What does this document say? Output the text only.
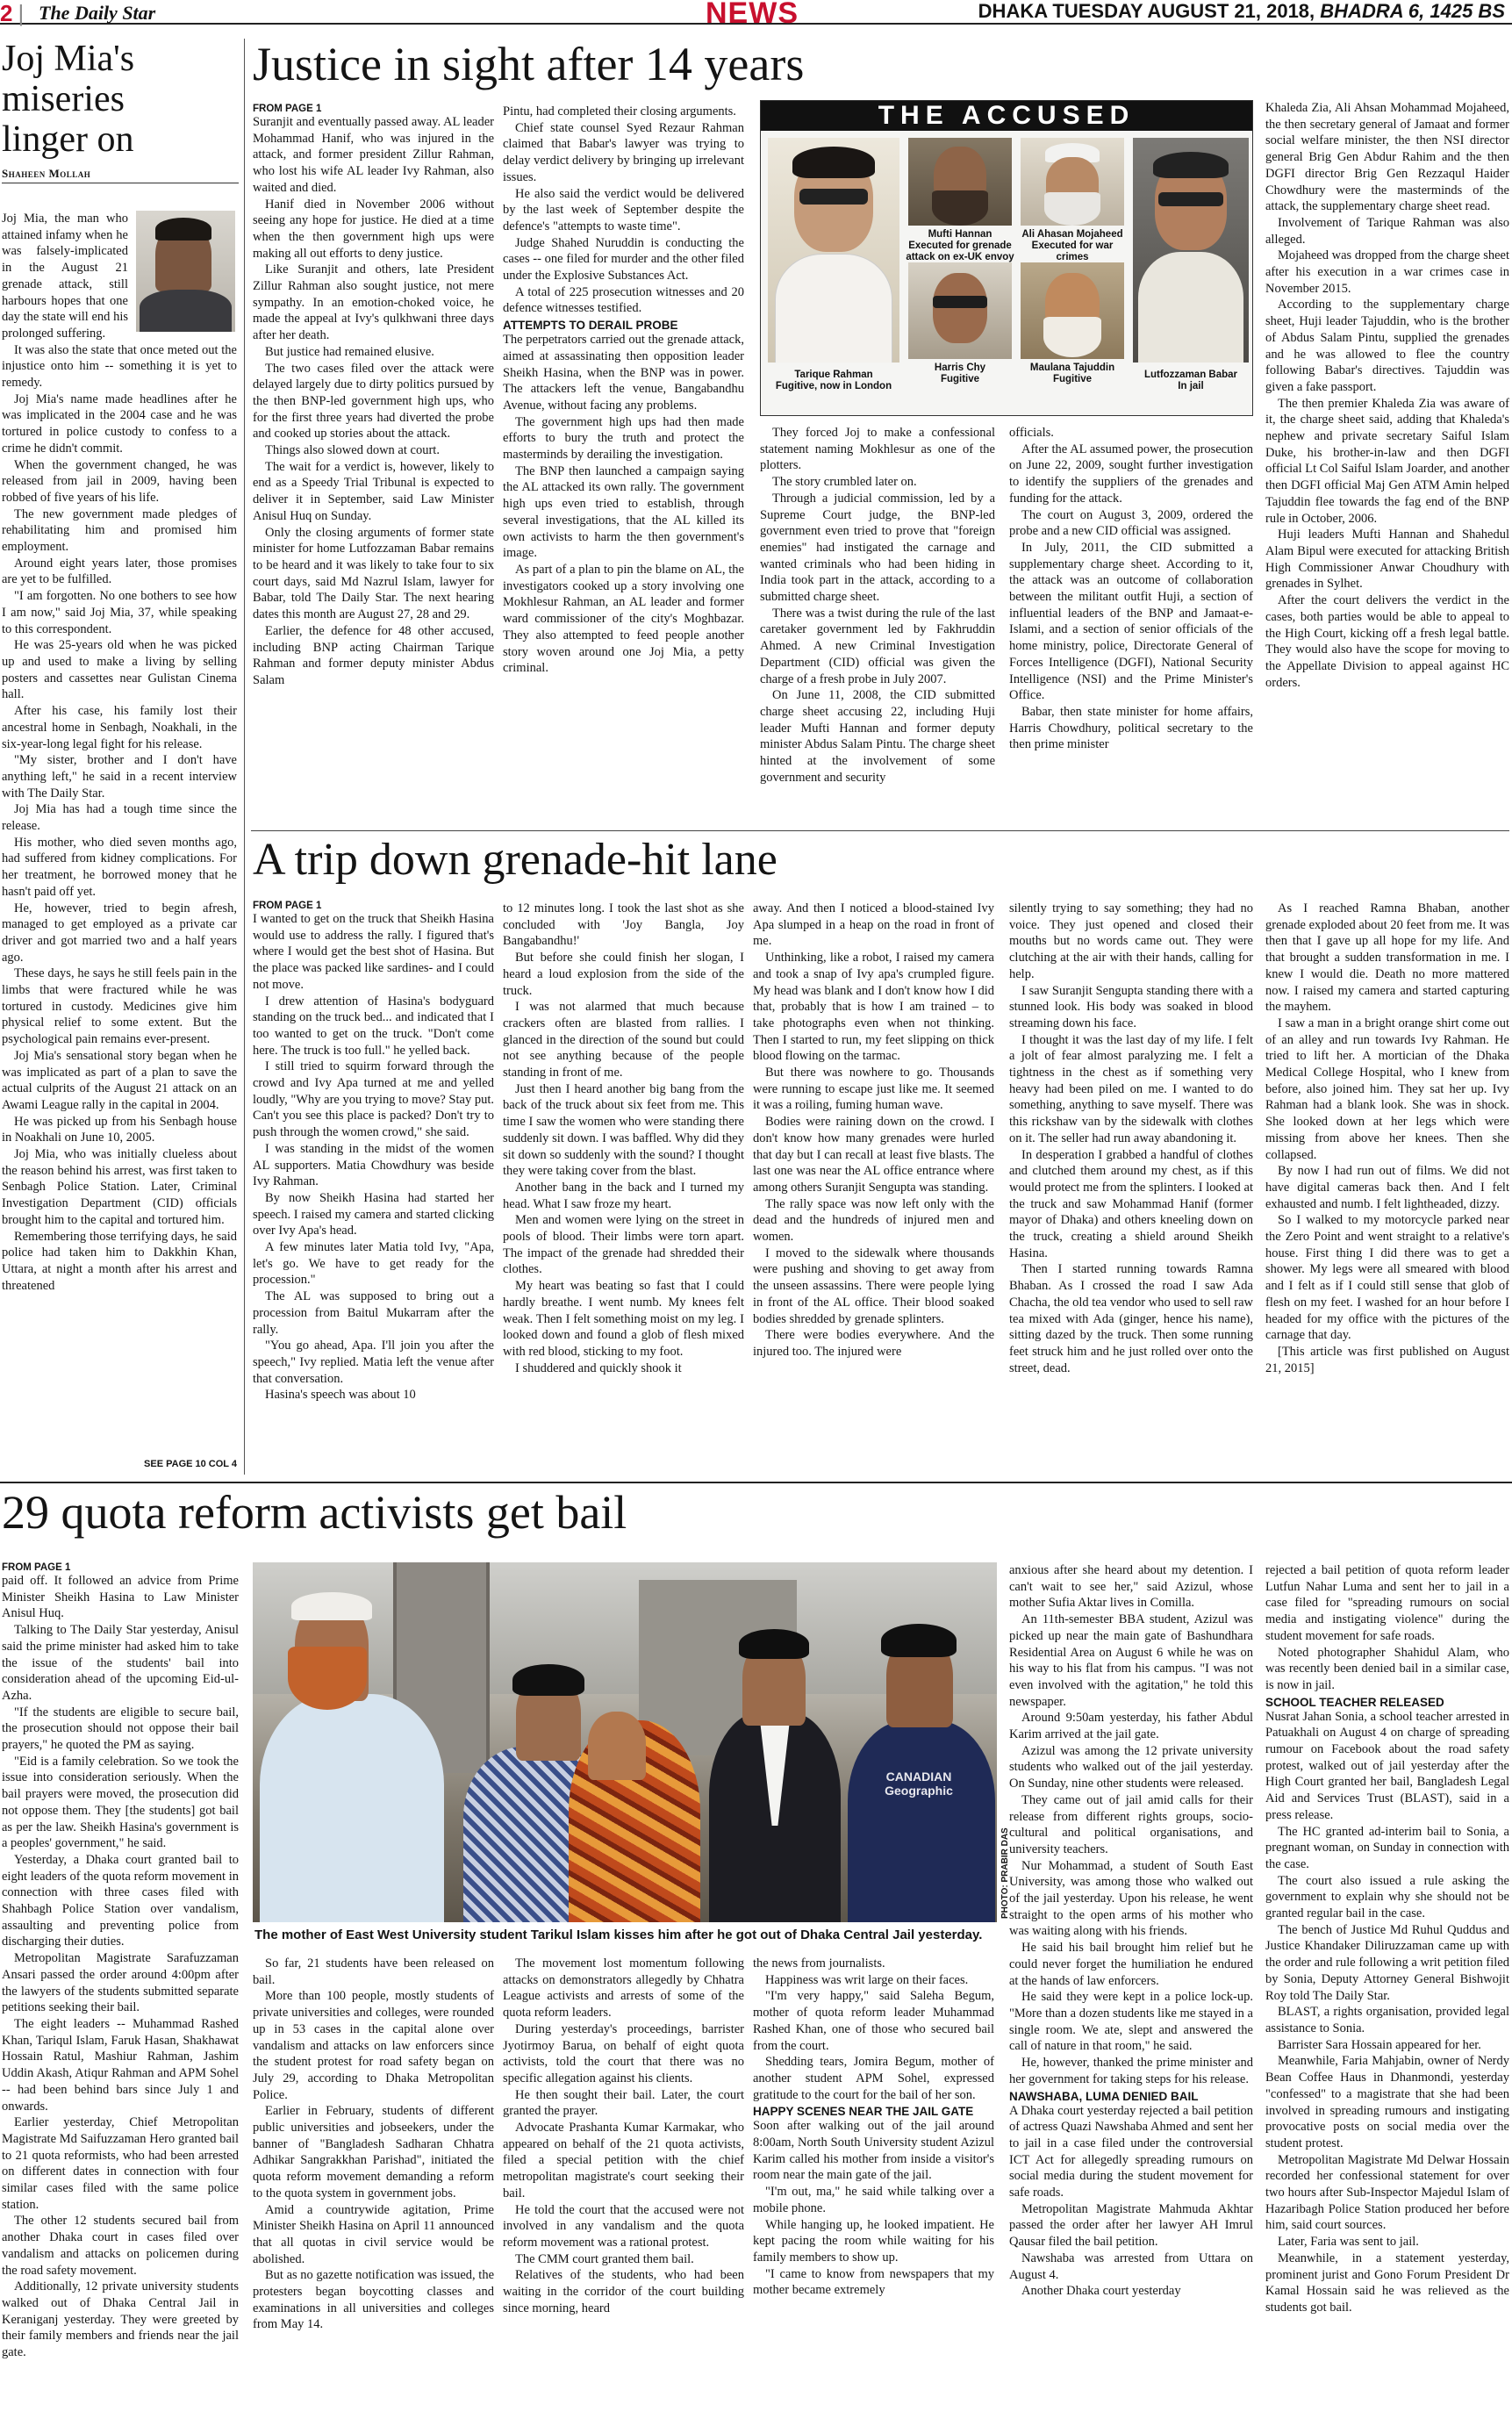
2 |	The Daily Star	NEWS	DHAKA TUESDAY AUGUST 21, 2018, BHADRA 6, 1425 BS
Joj Mia's
miseries
linger on
Shaheen Mollah

Joj Mia, the man who attained infamy when he was falsely-implicated in the August 21 grenade attack, still harbours hopes that one day the state will end his prolonged suffering.

It was also the state that once meted out the injustice onto him -- something it is yet to remedy.

Joj Mia's name made headlines after he was implicated in the 2004 case and he was tortured in police custody to confess to a crime he didn't commit.

When the government changed, he was released from jail in 2009, having been robbed of five years of his life.

The new government made pledges of rehabilitating him and promised him employment.

Around eight years later, those promises are yet to be fulfilled.

"I am forgotten. No one bothers to see how I am now," said Joj Mia, 37, while speaking to this correspondent.

He was 25-years old when he was picked up and used to make a living by selling posters and cassettes near Gulistan Cinema hall.

After his case, his family lost their ancestral home in Senbagh, Noakhali, in the six-year-long legal fight for his release.

"My sister, brother and I don't have anything left," he said in a recent interview with The Daily Star.

Joj Mia has had a tough time since the release.

His mother, who died seven months ago, had suffered from kidney complications. For her treatment, he borrowed money that he hasn't paid off yet.

He, however, tried to begin afresh, managed to get employed as a private car driver and got married two and a half years ago.

These days, he says he still feels pain in the limbs that were fractured while he was tortured in custody. Medicines give him physical relief to some extent. But the psychological pain remains ever-present.

Joj Mia's sensational story began when he was implicated as part of a plan to save the actual culprits of the August 21 attack on an Awami League rally in the capital in 2004.

He was picked up from his Senbagh house in Noakhali on June 10, 2005.

Joj Mia, who was initially clueless about the reason behind his arrest, was first taken to Senbagh Police Station. Later, Criminal Investigation Department (CID) officials brought him to the capital and tortured him.

Remembering those terrifying days, he said police had taken him to Dakkhin Khan, Uttara, at night a month after his arrest and threatened

SEE PAGE 10 COL 4
Justice in sight after 14 years
FROM PAGE 1

Suranjit and eventually passed away. AL leader Mohammad Hanif, who was injured in the attack, and former president Zillur Rahman, who lost his wife AL leader Ivy Rahman, also waited and died.

Hanif died in November 2006 without seeing any hope for justice. He died at a time when the then government high ups were making all out efforts to deny justice.

Like Suranjit and others, late President Zillur Rahman also sought justice, not mere sympathy. In an emotion-choked voice, he made the appeal at Ivy's qulkhwani three days after her death.

But justice had remained elusive.

The two cases filed over the attack were delayed largely due to dirty politics pursued by the then BNP-led government high ups, who for the first three years had diverted the probe and cooked up stories about the attack.

Things also slowed down at court.

The wait for a verdict is, however, likely to end as a Speedy Trial Tribunal is expected to deliver it in September, said Law Minister Anisul Huq on Sunday.

Only the closing arguments of former state minister for home Lutfozzaman Babar remains to be heard and it was likely to take four to six court days, said Md Nazrul Islam, lawyer for Babar, told The Daily Star. The next hearing dates this month are August 27, 28 and 29.

Earlier, the defence for 48 other accused, including BNP acting Chairman Tarique Rahman and former deputy minister Abdus Salam

Pintu, had completed their closing arguments.

Chief state counsel Syed Rezaur Rahman claimed that Babar's lawyer was trying to delay verdict delivery by bringing up irrelevant issues.

He also said the verdict would be delivered by the last week of September despite the defence's "attempts to waste time".

Judge Shahed Nuruddin is conducting the cases -- one filed for murder and the other filed under the Explosive Substances Act.

A total of 225 prosecution witnesses and 20 defence witnesses testified.

ATTEMPTS TO DERAIL PROBE

The perpetrators carried out the grenade attack, aimed at assassinating then opposition leader Sheikh Hasina, when the BNP was in power. The attackers left the venue, Bangabandhu Avenue, without facing any problems.

The government high ups had then made efforts to bury the truth and protect the masterminds by derailing the investigation.

The BNP then launched a campaign saying the AL attacked its own rally. The government high ups even tried to establish, through several investigations, that the AL killed its own activists to harm the then government's image.

As part of a plan to pin the blame on AL, the investigators cooked up a story involving one Mokhlesur Rahman, an AL leader and former ward commissioner of the city's Moghbazar. They also attempted to feed people another story woven around one Joj Mia, a petty criminal.

THE ACCUSED
Tarique Rahman
Fugitive, now in London
Mufti Hannan
Executed for grenade attack on ex-UK envoy
Ali Ahasan Mojaheed
Executed for war crimes
Harris Chy
Fugitive
Maulana Tajuddin
Fugitive	Lutfozzaman Babar
In jail

They forced Joj to make a confessional statement naming Mokhlesur as one of the plotters.

The story crumbled later on.

Through a judicial commission, led by a Supreme Court judge, the BNP-led government even tried to prove that "foreign enemies" had instigated the carnage and wanted criminals who had been hiding in India took part in the attack, according to a submitted charge sheet.

There was a twist during the rule of the last caretaker government led by Fakhruddin Ahmed. A new Criminal Investigation Department (CID) official was given the charge of a fresh probe in July 2007.

On June 11, 2008, the CID submitted charge sheet accusing 22, including Huji leader Mufti Hannan and former deputy minister Abdus Salam Pintu. The charge sheet hinted at the involvement of some government and security

officials.

After the AL assumed power, the prosecution on June 22, 2009, sought further investigation to identify the suppliers of the grenades and funding for the attack.

The court on August 3, 2009, ordered the probe and a new CID official was assigned.

In July, 2011, the CID submitted a supplementary charge sheet. According to it, the attack was an outcome of collaboration between the militant outfit Huji, a section of influential leaders of the BNP and Jamaat-e-Islami, and a section of senior officials of the home ministry, police, Directorate General of Forces Intelligence (DGFI), National Security Intelligence (NSI) and the Prime Minister's Office.

Babar, then state minister for home affairs, Harris Chowdhury, political secretary to the then prime minister

Khaleda Zia, Ali Ahsan Mohammad Mojaheed, the then secretary general of Jamaat and former social welfare minister, the then NSI director general Brig Gen Abdur Rahim and the then DGFI director Brig Gen Rezzaqul Haider Chowdhury were the masterminds of the attack, the supplementary charge sheet read.

Involvement of Tarique Rahman was also alleged.

Mojaheed was dropped from the charge sheet after his execution in a war crimes case in November 2015.

According to the supplementary charge sheet, Huji leader Tajuddin, who is the brother of Abdus Salam Pintu, supplied the grenades and he was allowed to flee the country following Babar's directives. Tajuddin was given a fake passport.

The then premier Khaleda Zia was aware of it, the charge sheet said, adding that Khaleda's nephew and private secretary Saiful Islam Duke, his brother-in-law and then DGFI official Lt Col Saiful Islam Joarder, and another then DGFI official Maj Gen ATM Amin helped Tajuddin flee towards the fag end of the BNP rule in October, 2006.

Huji leaders Mufti Hannan and Shahedul Alam Bipul were executed for attacking British High Commissioner Anwar Choudhury with grenades in Sylhet.

After the court delivers the verdict in the cases, both parties would be able to appeal to the High Court, kicking off a fresh legal battle. They would also have the scope for moving to the Appellate Division to appeal against HC orders.

A trip down grenade-hit lane
FROM PAGE 1

I wanted to get on the truck that Sheikh Hasina would use to address the rally. I figured that's where I would get the best shot of Hasina. But the place was packed like sardines- and I could not move.

I drew attention of Hasina's bodyguard standing on the truck bed... and indicated that I too wanted to get on the truck. "Don't come here. The truck is too full." he yelled back.

I still tried to squirm forward through the crowd and Ivy Apa turned at me and yelled loudly, "Why are you trying to move? Stay put. Can't you see this place is packed? Don't try to push through the women crowd," she said.

I was standing in the midst of the women AL supporters. Matia Chowdhury was beside Ivy Rahman.

By now Sheikh Hasina had started her speech. I raised my camera and started clicking over Ivy Apa's head.

A few minutes later Matia told Ivy, "Apa, let's go. We have to get ready for the procession."

The AL was supposed to bring out a procession from Baitul Mukarram after the rally.

"You go ahead, Apa. I'll join you after the speech," Ivy replied. Matia left the venue after that conversation.

Hasina's speech was about 10

to 12 minutes long. I took the last shot as she concluded with 'Joy Bangla, Joy Bangabandhu!'

But before she could finish her slogan, I heard a loud explosion from the side of the truck.

I was not alarmed that much because crackers often are blasted from rallies. I glanced in the direction of the sound but could not see anything because of the people standing in front of me.

Just then I heard another big bang from the back of the truck about six feet from me. This time I saw the women who were standing there suddenly sit down. I was baffled. Why did they sit down so suddenly with the sound? I thought they were taking cover from the blast.

Another bang in the back and I turned my head. What I saw froze my heart.

Men and women were lying on the street in pools of blood. Their limbs were torn apart. The impact of the grenade had shredded their clothes.

My heart was beating so fast that I could hardly breathe. I went numb. My knees felt weak. Then I felt something moist on my leg. I looked down and found a glob of flesh mixed with red blood, sticking to my foot.

I shuddered and quickly shook it

away. And then I noticed a blood-stained Ivy Apa slumped in a heap on the road in front of me.

Unthinking, like a robot, I raised my camera and took a snap of Ivy apa's crumpled figure. My head was blank and I don't know how I did that, probably that is how I am trained – to take photographs even when not thinking. Then I started to run, my feet slipping on thick blood flowing on the tarmac.

But there was nowhere to go. Thousands were running to escape just like me. It seemed it was a roiling, fuming human wave.

Bodies were raining down on the crowd. I don't know how many grenades were hurled that day but I can recall at least five blasts. The last one was near the AL office entrance where among others Suranjit Sengupta was standing.

The rally space was now left only with the dead and the hundreds of injured men and women.

I moved to the sidewalk where thousands were pushing and shoving to get away from the unseen assassins. There were people lying in front of the AL office. Their blood soaked bodies shredded by grenade splinters.

There were bodies everywhere. And the injured too. The injured were

silently trying to say something; they had no voice. They just opened and closed their mouths but no words came out. They were clutching at the air with their hands, calling for help.

I saw Suranjit Sengupta standing there with a stunned look. His body was soaked in blood streaming down his face.

I thought it was the last day of my life. I felt a jolt of fear almost paralyzing me. I felt a tightness in the chest as if something very heavy had been piled on me. I wanted to do something, anything to save myself. There was this rickshaw van by the sidewalk with clothes on it. The seller had run away abandoning it.

In desperation I grabbed a handful of clothes and clutched them around my chest, as if this would protect me from the splinters. I looked at the truck and saw Mohammad Hanif (former mayor of Dhaka) and others kneeling down on the truck, creating a shield around Sheikh Hasina.

Then I started running towards Ramna Bhaban. As I crossed the road I saw Ada Chacha, the old tea vendor who used to sell raw tea mixed with Ada (ginger, hence his name), sitting dazed by the truck. Then some running feet struck him and he just rolled over onto the street, dead.

As I reached Ramna Bhaban, another grenade exploded about 20 feet from me. It was then that I gave up all hope for my life. And that brought a sudden transformation in me. I knew I would die. Death no more mattered now. I raised my camera and started capturing the mayhem.

I saw a man in a bright orange shirt come out of an alley and run towards Ivy Rahman. He tried to lift her. A mortician of the Dhaka Medical College Hospital, who I knew from before, also joined him. They sat her up. Ivy Rahman had a blank look. She was in shock. She looked down at her legs which were missing from above her knees. Then she collapsed.

By now I had run out of films. We did not have digital cameras back then. And I felt exhausted and numb. I felt lightheaded, dizzy.

So I walked to my motorcycle parked near the Zero Point and went straight to a relative's house. First thing I did there was to get a shower. My legs were all smeared with blood and I felt as if I could still sense that glob of flesh on my feet. I washed for an hour before I headed for my office with the pictures of the carnage that day.

[This article was first published on August 21, 2015]

29 quota reform activists get bail
FROM PAGE 1

paid off. It followed an advice from Prime Minister Sheikh Hasina to Law Minister Anisul Huq.

Talking to The Daily Star yesterday, Anisul said the prime minister had asked him to take the issue of the students' bail into consideration ahead of the upcoming Eid-ul-Azha.

"If the students are eligible to secure bail, the prosecution should not oppose their bail prayers," he quoted the PM as saying.

"Eid is a family celebration. So we took the issue into consideration seriously. When the bail prayers were moved, the prosecution did not oppose them. They [the students] got bail as per the law. Sheikh Hasina's government is a peoples' government," he said.

Yesterday, a Dhaka court granted bail to eight leaders of the quota reform movement in connection with three cases filed with Shahbagh Police Station over vandalism, assaulting and preventing police from discharging their duties.

Metropolitan Magistrate Sarafuzzaman Ansari passed the order around 4:00pm after the lawyers of the students submitted separate petitions seeking their bail.

The eight leaders -- Muhammad Rashed Khan, Tariqul Islam, Faruk Hasan, Shakhawat Hossain Ratul, Mashiur Rahman, Jashim Uddin Akash, Atiqur Rahman and APM Sohel -- had been behind bars since July 1 and onwards.

Earlier yesterday, Chief Metropolitan Magistrate Md Saifuzzaman Hero granted bail to 21 quota reformists, who had been arrested on different dates in connection with four similar cases filed with the same police station.

The other 12 students secured bail from another Dhaka court in cases filed over vandalism and attacks on policemen during the road safety movement.

Additionally, 12 private university students walked out of Dhaka Central Jail in Keraniganj yesterday. They were greeted by their family members and friends near the jail gate.

CANADIAN Geographic
PHOTO: PRABIR DAS
The mother of East West University student Tarikul Islam kisses him after he got out of Dhaka Central Jail yesterday.

So far, 21 students have been released on bail.

More than 100 people, mostly students of private universities and colleges, were rounded up in 53 cases in the capital alone over vandalism and attacks on law enforcers since the student protest for road safety began on July 29, according to Dhaka Metropolitan Police.

Earlier in February, students of different public universities and jobseekers, under the banner of "Bangladesh Sadharan Chhatra Adhikar Sangrakkhan Parishad", initiated the quota reform movement demanding a reform to the quota system in government jobs.

Amid a countrywide agitation, Prime Minister Sheikh Hasina on April 11 announced that all quotas in civil service would be abolished.

But as no gazette notification was issued, the protesters began boycotting classes and examinations in all universities and colleges from May 14.

The movement lost momentum following attacks on demonstrators allegedly by Chhatra League activists and arrests of some of the quota reform leaders.

During yesterday's proceedings, barrister Jyotirmoy Barua, on behalf of eight quota activists, told the court that there was no specific allegation against his clients.

He then sought their bail. Later, the court granted the prayer.

Advocate Prashanta Kumar Karmakar, who appeared on behalf of the 21 quota activists, filed a special petition with the chief metropolitan magistrate's court seeking their bail.

He told the court that the accused were not involved in any vandalism and the quota reform movement was a rational protest.

The CMM court granted them bail.

Relatives of the students, who had been waiting in the corridor of the court building since morning, heard

the news from journalists.

Happiness was writ large on their faces.

"I'm very happy," said Saleha Begum, mother of quota reform leader Muhammad Rashed Khan, one of those who secured bail from the court.

Shedding tears, Jomira Begum, mother of another student APM Sohel, expressed gratitude to the court for the bail of her son.

HAPPY SCENES NEAR THE JAIL GATE

Soon after walking out of the jail around 8:00am, North South University student Azizul Karim called his mother from inside a visitor's room near the main gate of the jail.

"I'm out, ma," he said while talking over a mobile phone.

While hanging up, he looked impatient. He kept pacing the room while waiting for his family members to show up.

"I came to know from newspapers that my mother became extremely

anxious after she heard about my detention. I can't wait to see her," said Azizul, whose mother Sufia Aktar lives in Comilla.

An 11th-semester BBA student, Azizul was picked up near the main gate of Bashundhara Residential Area on August 6 while he was on his way to his flat from his campus. "I was not even involved with the agitation," he told this newspaper.

Around 9:50am yesterday, his father Abdul Karim arrived at the jail gate.

Azizul was among the 12 private university students who walked out of the jail yesterday. On Sunday, nine other students were released.

They came out of jail amid calls for their release from different rights groups, socio-cultural and political organisations, and university teachers.

Nur Mohammad, a student of South East University, was among those who walked out of the jail yesterday. Upon his release, he went straight to the open arms of his mother who was waiting along with his friends.

He said his bail brought him relief but he could never forget the humiliation he endured at the hands of law enforcers.

He said they were kept in a police lock-up. "More than a dozen students like me stayed in a single room. We ate, slept and answered the call of nature in that room," he said.

He, however, thanked the prime minister and her government for taking steps for his release.

NAWSHABA, LUMA DENIED BAIL

A Dhaka court yesterday rejected a bail petition of actress Quazi Nawshaba Ahmed and sent her to jail in a case filed under the controversial ICT Act for allegedly spreading rumours on social media during the student movement for safe roads.

Metropolitan Magistrate Mahmuda Akhtar passed the order after her lawyer AH Imrul Qausar filed the bail petition.

Nawshaba was arrested from Uttara on August 4.

Another Dhaka court yesterday

rejected a bail petition of quota reform leader Lutfun Nahar Luma and sent her to jail in a case filed for "spreading rumours on social media and instigating violence" during the student movement for safe roads.

Noted photographer Shahidul Alam, who was recently been denied bail in a similar case, is now in jail.

SCHOOL TEACHER RELEASED

Nusrat Jahan Sonia, a school teacher arrested in Patuakhali on August 4 on charge of spreading rumour on Facebook about the road safety protest, walked out of jail yesterday after the High Court granted her bail, Bangladesh Legal Aid and Services Trust (BLAST), said in a press release.

The HC granted ad-interim bail to Sonia, a pregnant woman, on Sunday in connection with the case.

The court also issued a rule asking the government to explain why she should not be granted regular bail in the case.

The bench of Justice Md Ruhul Quddus and Justice Khandaker Diliruzzaman came up with the order and rule following a writ petition filed by Sonia, Deputy Attorney General Bishwojit Roy told The Daily Star.

BLAST, a rights organisation, provided legal assistance to Sonia.

Barrister Sara Hossain appeared for her.

Meanwhile, Faria Mahjabin, owner of Nerdy Bean Coffee Haus in Dhanmondi, yesterday "confessed" to a magistrate that she had been involved in spreading rumours and instigating provocative posts on social media over the student protest.

Metropolitan Magistrate Md Delwar Hossain recorded her confessional statement for over two hours after Sub-Inspector Majedul Islam of Hazaribagh Police Station produced her before him, said court sources.

Later, Faria was sent to jail.

Meanwhile, in a statement yesterday, prominent jurist and Gono Forum President Dr Kamal Hossain said he was relieved as the students got bail.
